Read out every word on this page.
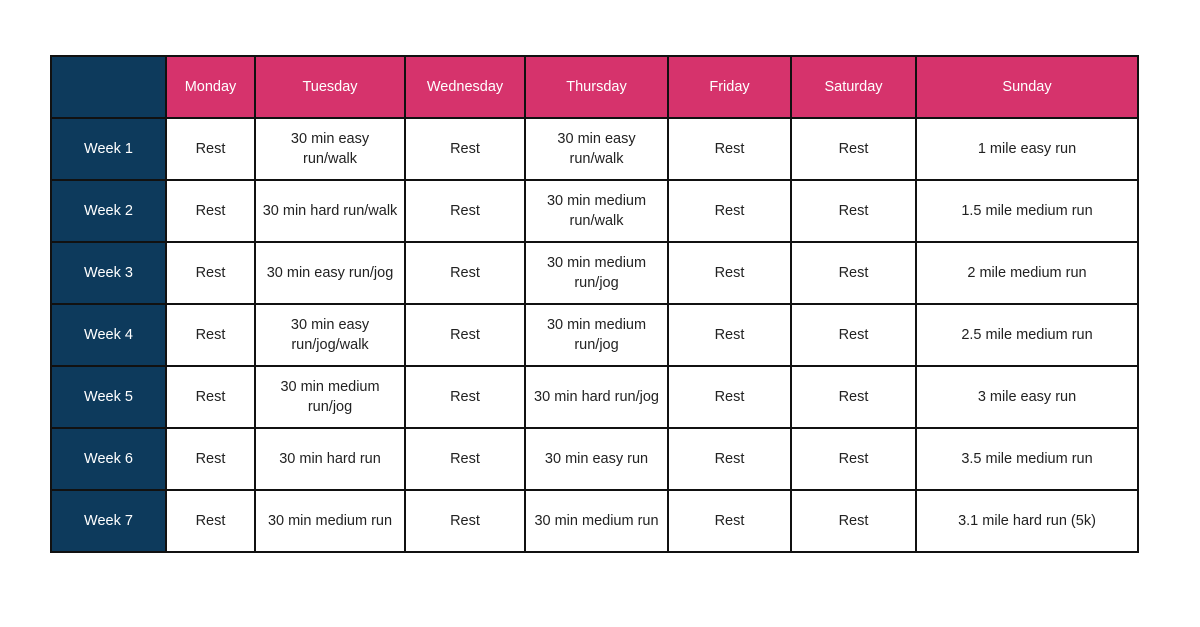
	Monday	Tuesday	Wednesday	Thursday	Friday	Saturday	Sunday
Week 1	Rest	30 min easy run/walk	Rest	30 min easy run/walk	Rest	Rest	1 mile easy run
Week 2	Rest	30 min hard run/walk	Rest	30 min medium run/walk	Rest	Rest	1.5 mile medium run
Week 3	Rest	30 min easy run/jog	Rest	30 min medium run/jog	Rest	Rest	2 mile medium run
Week 4	Rest	30 min easy run/jog/walk	Rest	30 min medium run/jog	Rest	Rest	2.5 mile medium run
Week 5	Rest	30 min medium run/jog	Rest	30 min hard run/jog	Rest	Rest	3 mile easy run
Week 6	Rest	30 min hard run	Rest	30 min easy run	Rest	Rest	3.5 mile medium run
Week 7	Rest	30 min medium run	Rest	30 min medium run	Rest	Rest	3.1 mile hard run (5k)
